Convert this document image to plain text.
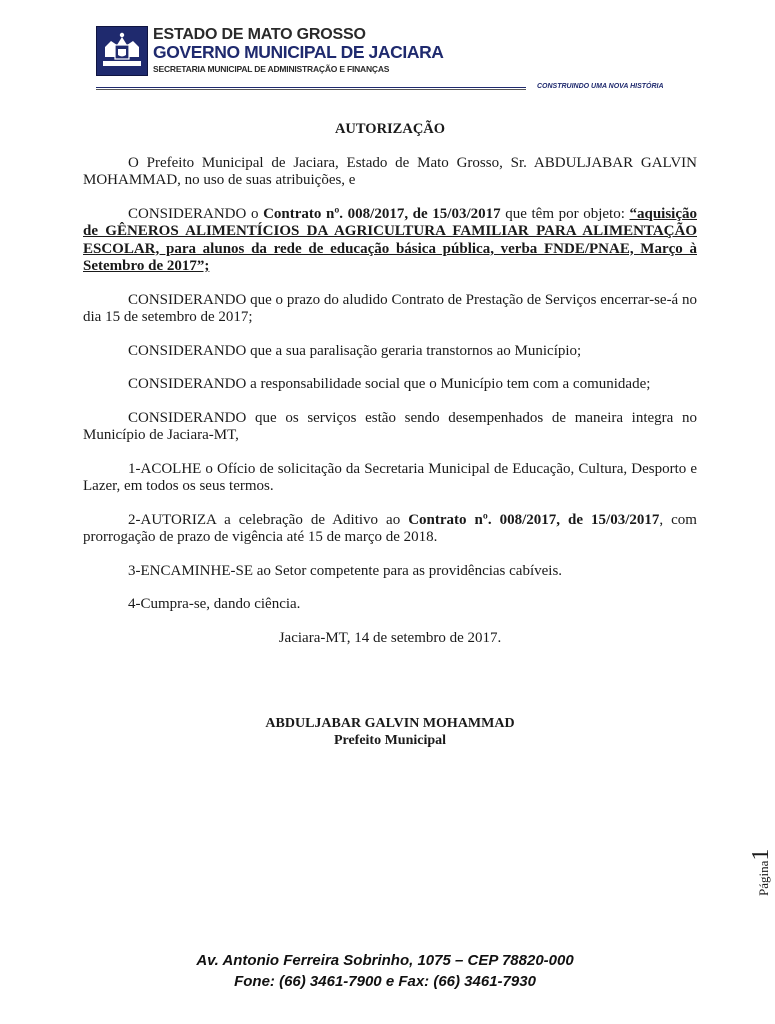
ESTADO DE MATO GROSSO
GOVERNO MUNICIPAL DE JACIARA
SECRETARIA MUNICIPAL DE ADMINISTRAÇÃO E FINANÇAS
CONSTRUINDO UMA NOVA HISTÓRIA

AUTORIZAÇÃO

O Prefeito Municipal de Jaciara, Estado de Mato Grosso, Sr. ABDULJABAR GALVIN MOHAMMAD, no uso de suas atribuições, e

CONSIDERANDO o Contrato nº. 008/2017, de 15/03/2017 que têm por objeto: “aquisição de GÊNEROS ALIMENTÍCIOS DA AGRICULTURA FAMILIAR PARA ALIMENTAÇÃO ESCOLAR, para alunos da rede de educação básica pública, verba FNDE/PNAE, Março à Setembro de 2017”;

CONSIDERANDO que o prazo do aludido Contrato de Prestação de Serviços encerrar-se-á no dia 15 de setembro de 2017;

CONSIDERANDO que a sua paralisação geraria transtornos ao Município;

CONSIDERANDO a responsabilidade social que o Município tem com a comunidade;

CONSIDERANDO que os serviços estão sendo desempenhados de maneira integra no Município de Jaciara-MT,

1-ACOLHE o Ofício de solicitação da Secretaria Municipal de Educação, Cultura, Desporto e Lazer, em todos os seus termos.

2-AUTORIZA a celebração de Aditivo ao Contrato nº. 008/2017, de 15/03/2017, com prorrogação de prazo de vigência até 15 de março de 2018.

3-ENCAMINHE-SE ao Setor competente para as providências cabíveis.

4-Cumpra-se, dando ciência.

Jaciara-MT, 14 de setembro de 2017.

ABDULJABAR GALVIN MOHAMMAD
Prefeito Municipal
Página1
Av. Antonio Ferreira Sobrinho, 1075 – CEP 78820-000
Fone: (66) 3461-7900 e Fax: (66) 3461-7930
